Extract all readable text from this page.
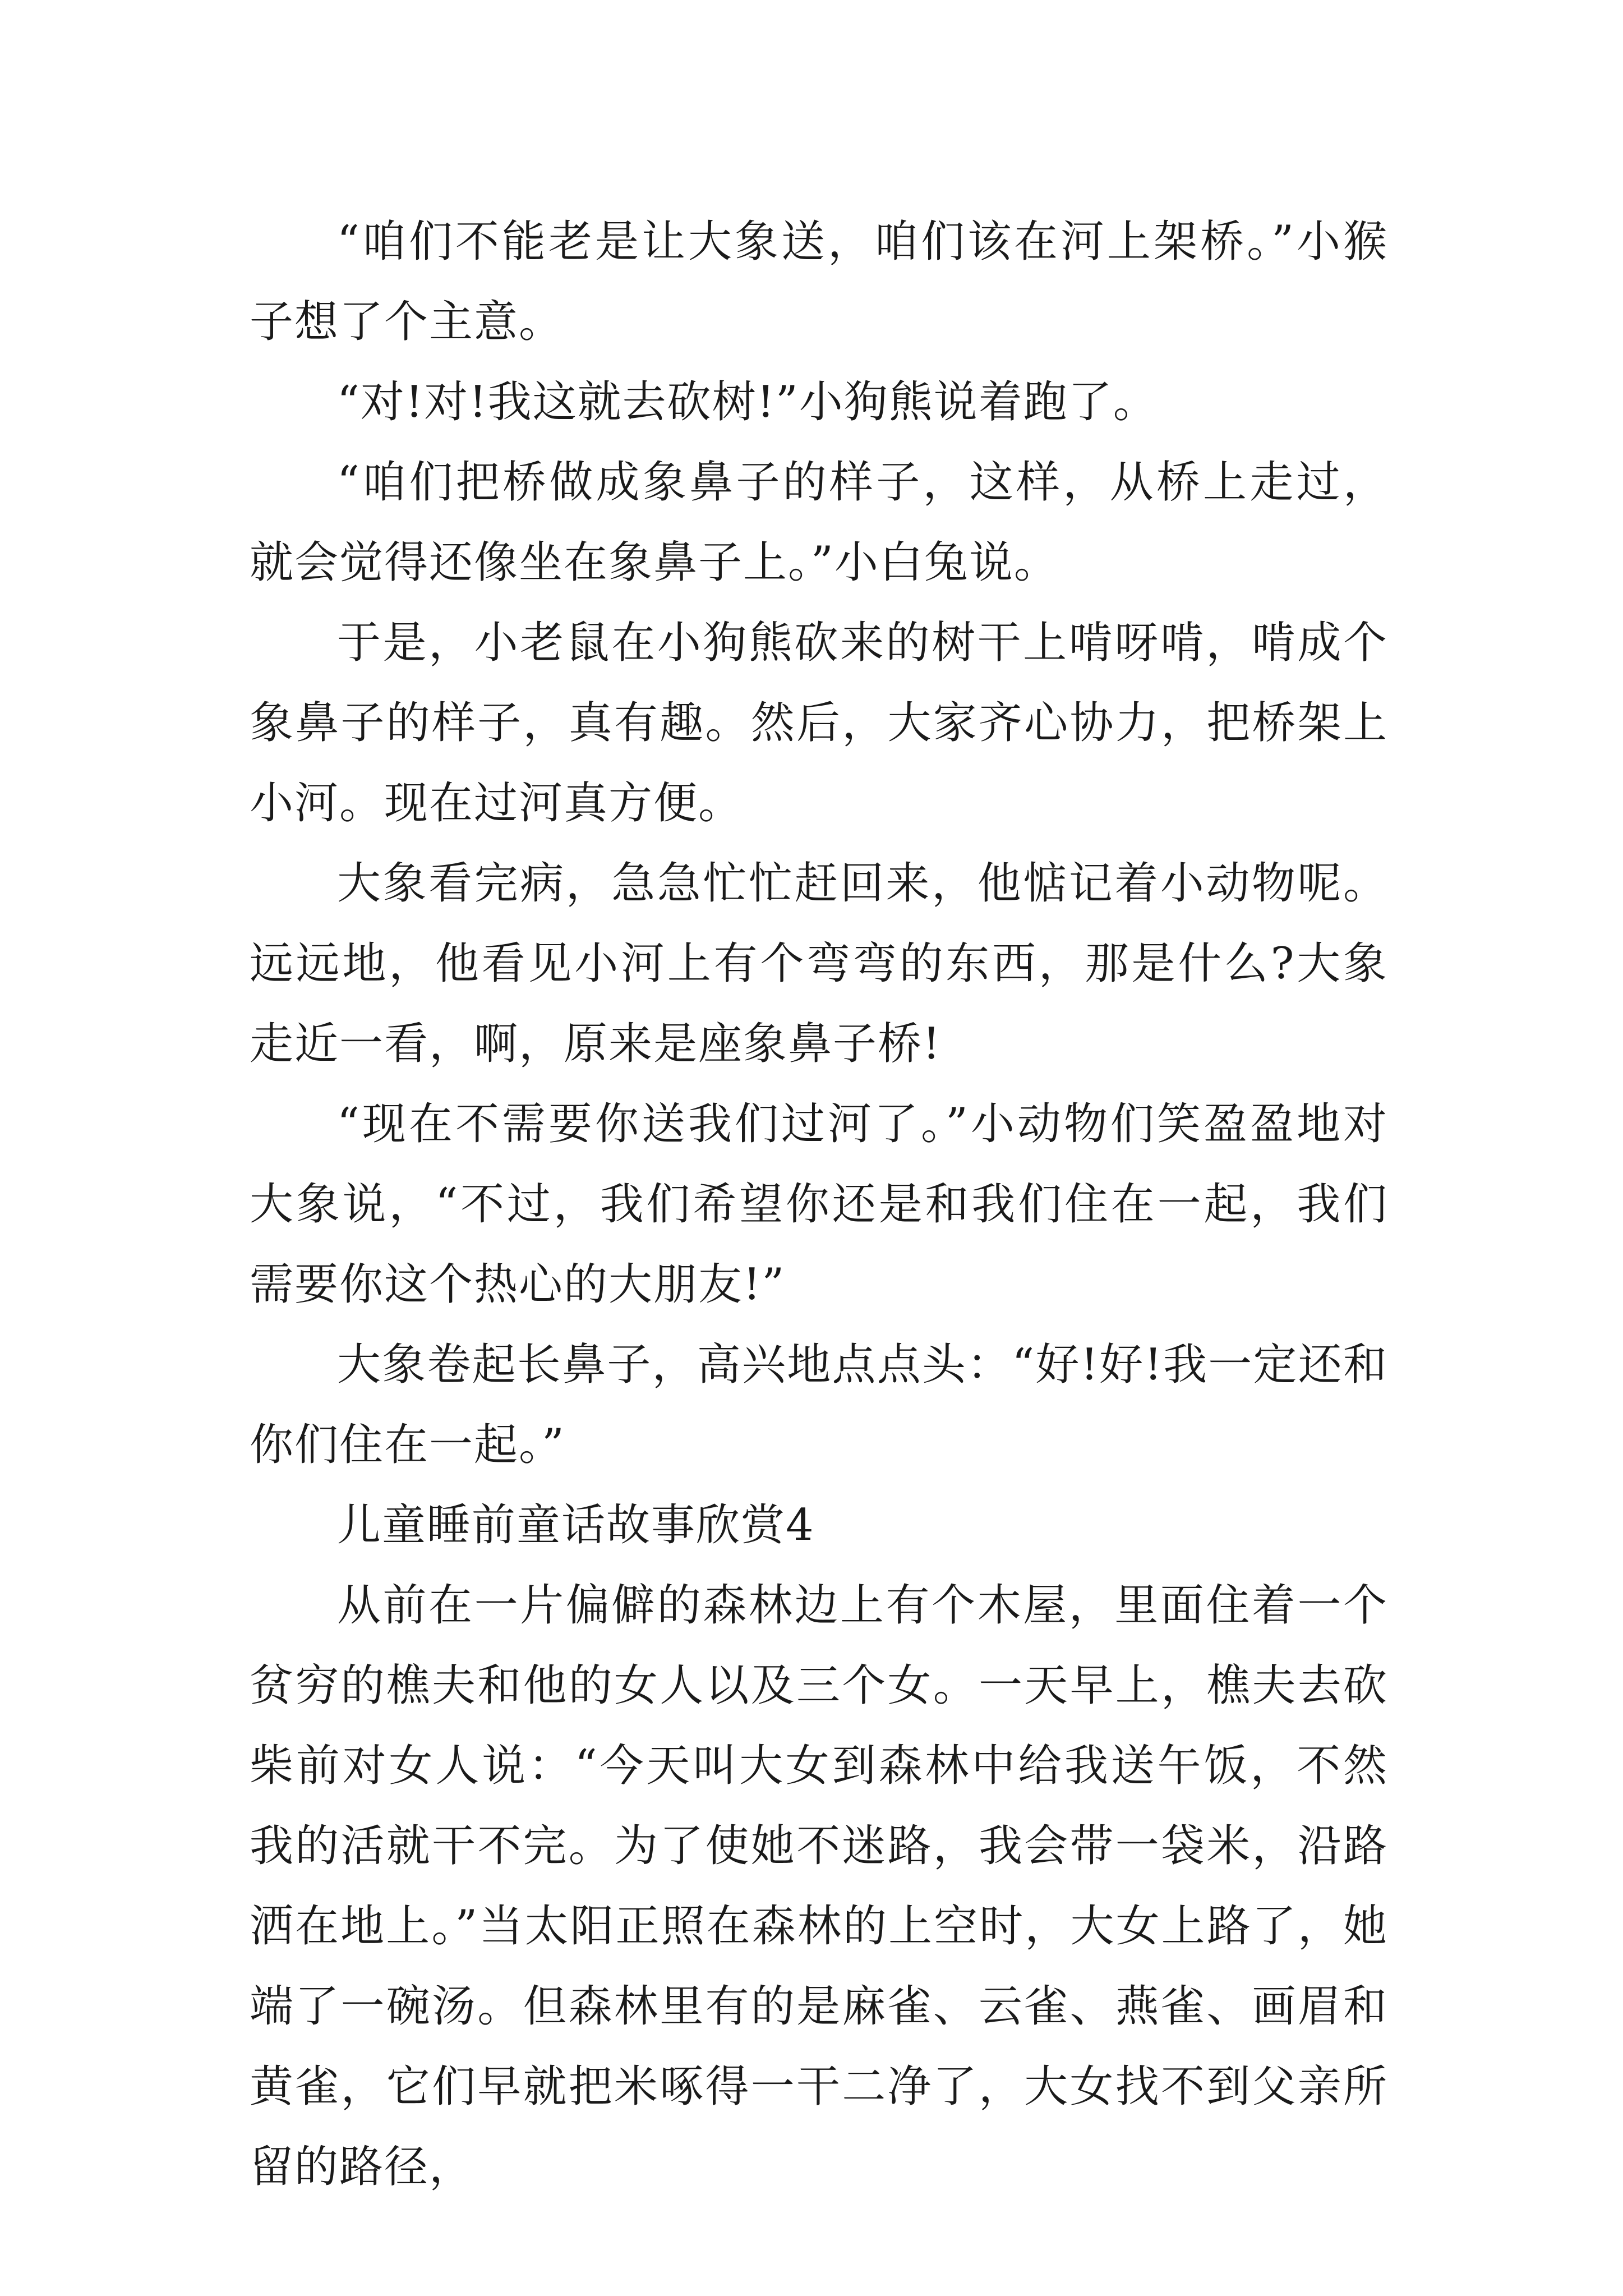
“咱们不能老是让大象送，咱们该在河上架桥。”小猴子想了个主意。

“对!对!我这就去砍树!”小狗熊说着跑了。

“咱们把桥做成象鼻子的样子，这样，从桥上走过，就会觉得还像坐在象鼻子上。”小白兔说。

于是，小老鼠在小狗熊砍来的树干上啃呀啃，啃成个象鼻子的样子，真有趣。然后，大家齐心协力，把桥架上小河。现在过河真方便。

大象看完病，急急忙忙赶回来，他惦记着小动物呢。远远地，他看见小河上有个弯弯的东西，那是什么?大象走近一看，啊，原来是座象鼻子桥!

“现在不需要你送我们过河了。”小动物们笑盈盈地对大象说，“不过，我们希望你还是和我们住在一起，我们需要你这个热心的大朋友!”

大象卷起长鼻子，高兴地点点头：“好!好!我一定还和你们住在一起。”

儿童睡前童话故事欣赏4

从前在一片偏僻的森林边上有个木屋，里面住着一个贫穷的樵夫和他的女人以及三个女。一天早上，樵夫去砍柴前对女人说：“今天叫大女到森林中给我送午饭，不然我的活就干不完。为了使她不迷路，我会带一袋米，沿路洒在地上。”当太阳正照在森林的上空时，大女上路了，她端了一碗汤。但森林里有的是麻雀、云雀、燕雀、画眉和黄雀，它们早就把米啄得一干二净了，大女找不到父亲所留的路径，
